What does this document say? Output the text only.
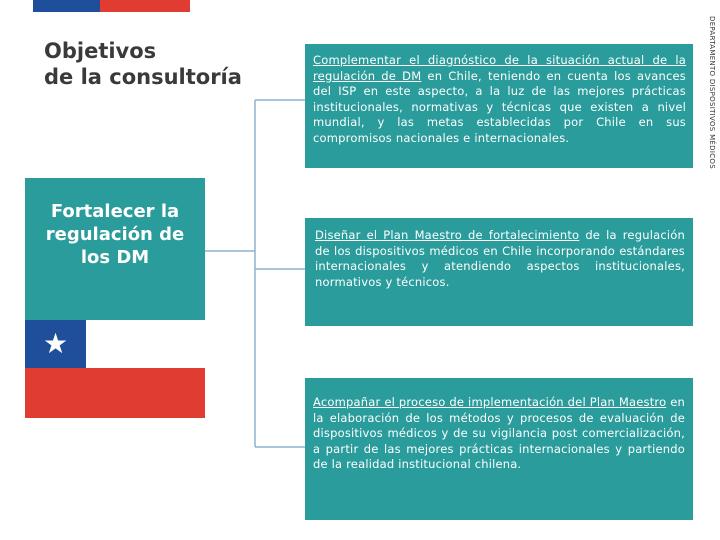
Objetivos
de la consultoría
Fortalecer la
regulación de
los DM
★
Complementar el diagnóstico de la situación actual de la regulación de DM en Chile, teniendo en cuenta los avances del ISP en este aspecto, a la luz de las mejores prácticas institucionales, normativas y técnicas que existen a nivel mundial, y las metas establecidas por Chile en sus compromisos nacionales e internacionales.
Diseñar el Plan Maestro de fortalecimiento de la regulación de los dispositivos médicos en Chile incorporando estándares internacionales y atendiendo aspectos institucionales, normativos y técnicos.
Acompañar el proceso de implementación del Plan Maestro en la elaboración de los métodos y procesos de evaluación de dispositivos médicos y de su vigilancia post comercialización, a partir de las mejores prácticas internacionales y partiendo de la realidad institucional chilena.
DEPARTAMENTO DISPOSITIVOS MÉDICOS
